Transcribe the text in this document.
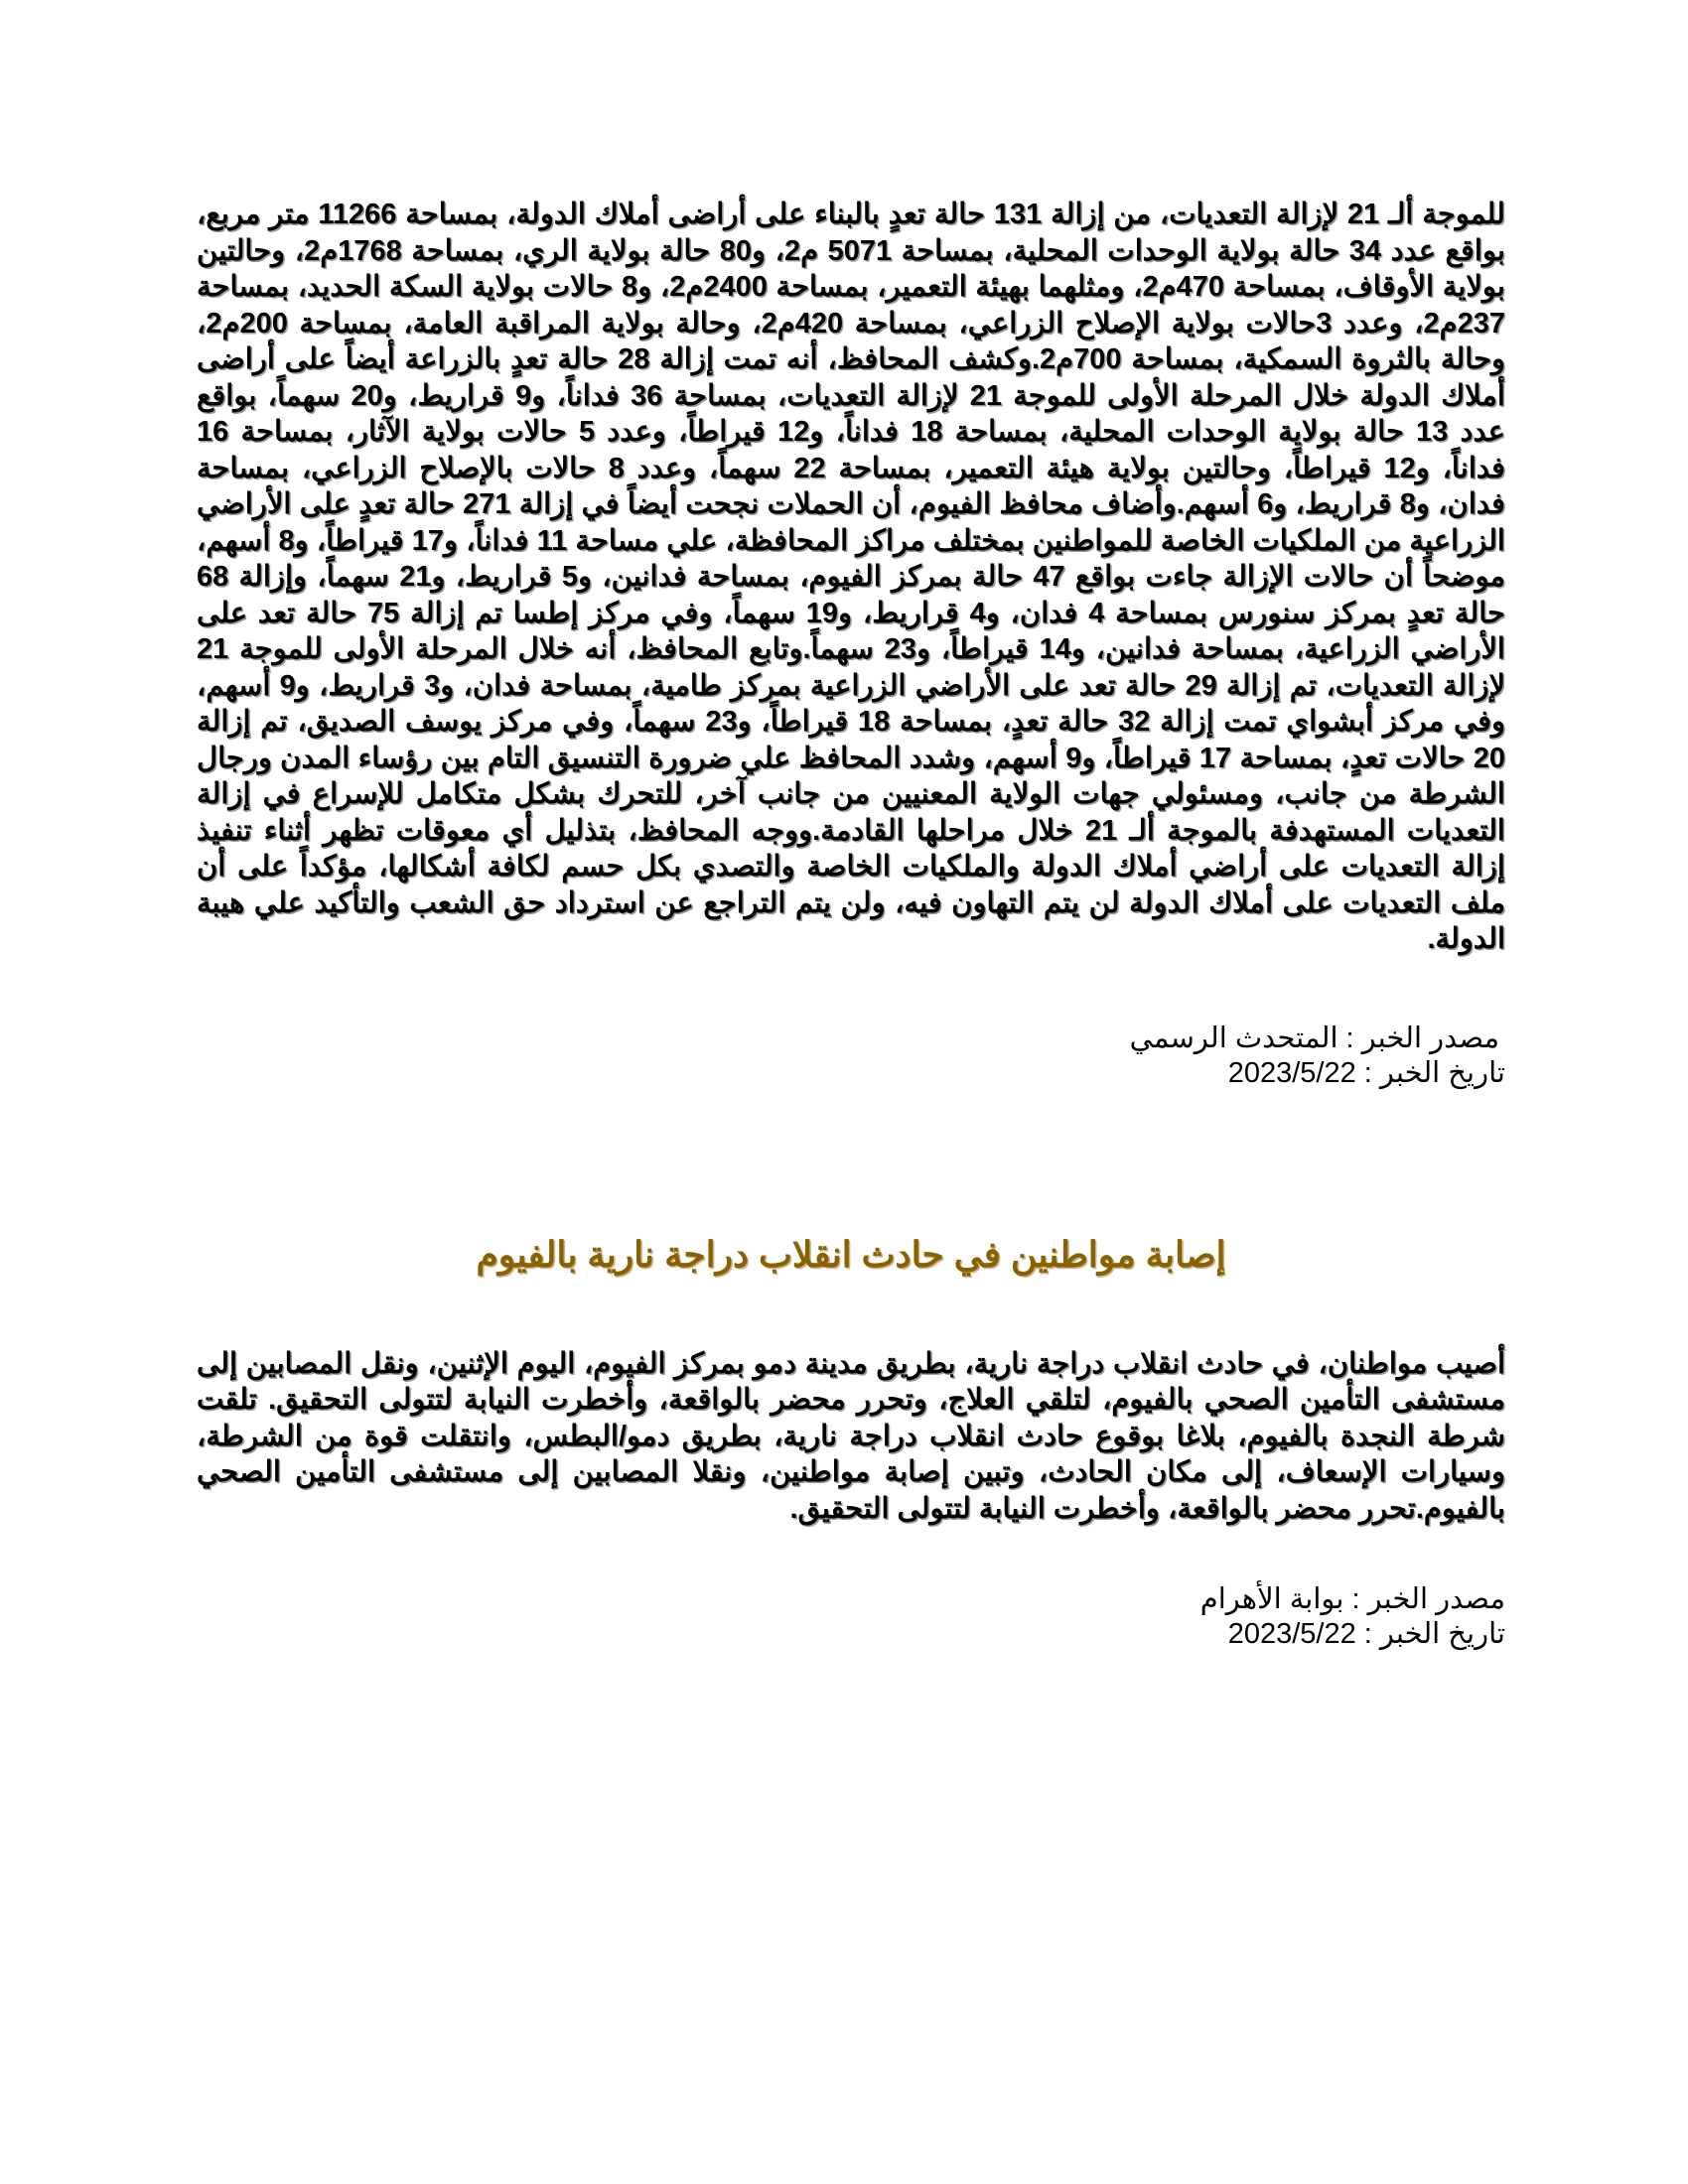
للموجة ألـ 21 لإزالة التعديات، من إزالة 131 حالة تعدٍ بالبناء على أراضى أملاك الدولة، بمساحة 11266 متر مربع، بواقع عدد 34 حالة بولاية الوحدات المحلية، بمساحة 5071 م2، و80 حالة بولاية الري، بمساحة 1768م2، وحالتين بولاية الأوقاف، بمساحة 470م2، ومثلهما بهيئة التعمير، بمساحة 2400م2، و8 حالات بولاية السكة الحديد، بمساحة 237م2، وعدد 3حالات بولاية الإصلاح الزراعي، بمساحة 420م2، وحالة بولاية المراقبة العامة، بمساحة 200م2، وحالة بالثروة السمكية، بمساحة 700م2.وكشف المحافظ، أنه تمت إزالة 28 حالة تعدٍ بالزراعة أيضاً على أراضى أملاك الدولة خلال المرحلة الأولى للموجة 21 لإزالة التعديات، بمساحة 36 فداناً، و9 قراريط، و20 سهماً، بواقع عدد 13 حالة بولاية الوحدات المحلية، بمساحة 18 فداناً، و12 قيراطاً، وعدد 5 حالات بولاية الآثار، بمساحة 16 فداناً، و12 قيراطاً، وحالتين بولاية هيئة التعمير، بمساحة 22 سهماً، وعدد 8 حالات بالإصلاح الزراعي، بمساحة فدان، و8 قراريط، و6 أسهم.وأضاف محافظ الفيوم، أن الحملات نجحت أيضاً في إزالة 271 حالة تعدٍ على الأراضي الزراعية من الملكيات الخاصة للمواطنين بمختلف مراكز المحافظة، علي مساحة 11 فداناً، و17 قيراطاً، و8 أسهم، موضحاً أن حالات الإزالة جاءت بواقع 47 حالة بمركز الفيوم، بمساحة فدانين، و5 قراريط، و21 سهماً، وإزالة 68 حالة تعدٍ بمركز سنورس بمساحة 4 فدان، و4 قراريط، و19 سهماً، وفي مركز إطسا تم إزالة 75 حالة تعد على الأراضي الزراعية، بمساحة فدانين، و14 قيراطاً، و23 سهماً.وتابع المحافظ، أنه خلال المرحلة الأولى للموجة 21 لإزالة التعديات، تم إزالة 29 حالة تعد على الأراضي الزراعية بمركز طامية، بمساحة فدان، و3 قراريط، و9 أسهم، وفي مركز أبشواي تمت إزالة 32 حالة تعدٍ، بمساحة 18 قيراطاً، و23 سهماً، وفي مركز يوسف الصديق، تم إزالة 20 حالات تعدٍ، بمساحة 17 قيراطاً، و9 أسهم، وشدد المحافظ علي ضرورة التنسيق التام بين رؤساء المدن ورجال الشرطة من جانب، ومسئولي جهات الولاية المعنيين من جانب آخر، للتحرك بشكل متكامل للإسراع في إزالة التعديات المستهدفة بالموجة ألـ 21 خلال مراحلها القادمة.ووجه المحافظ، بتذليل أي معوقات تظهر أثناء تنفيذ إزالة التعديات على أراضي أملاك الدولة والملكيات الخاصة والتصدي بكل حسم لكافة أشكالها، مؤكداً على أن ملف التعديات على أملاك الدولة لن يتم التهاون فيه، ولن يتم التراجع عن استرداد حق الشعب والتأكيد علي هيبة الدولة.

مصدر الخبر : المتحدث الرسمي
تاريخ الخبر : 2023/5/22
إصابة مواطنين في حادث انقلاب دراجة نارية بالفيوم

أصيب مواطنان، في حادث انقلاب دراجة نارية، بطريق مدينة دمو بمركز الفيوم، اليوم الإثنين، ونقل المصابين إلى مستشفى التأمين الصحي بالفيوم، لتلقي العلاج، وتحرر محضر بالواقعة، وأخطرت النيابة لتتولى التحقيق. تلقت شرطة النجدة بالفيوم، بلاغا بوقوع حادث انقلاب دراجة نارية، بطريق دمو/البطس، وانتقلت قوة من الشرطة، وسيارات الإسعاف، إلى مكان الحادث، وتبين إصابة مواطنين، ونقلا المصابين إلى مستشفى التأمين الصحي بالفيوم.تحرر محضر بالواقعة، وأخطرت النيابة لتتولى التحقيق.

مصدر الخبر : بوابة الأهرام
تاريخ الخبر : 2023/5/22
